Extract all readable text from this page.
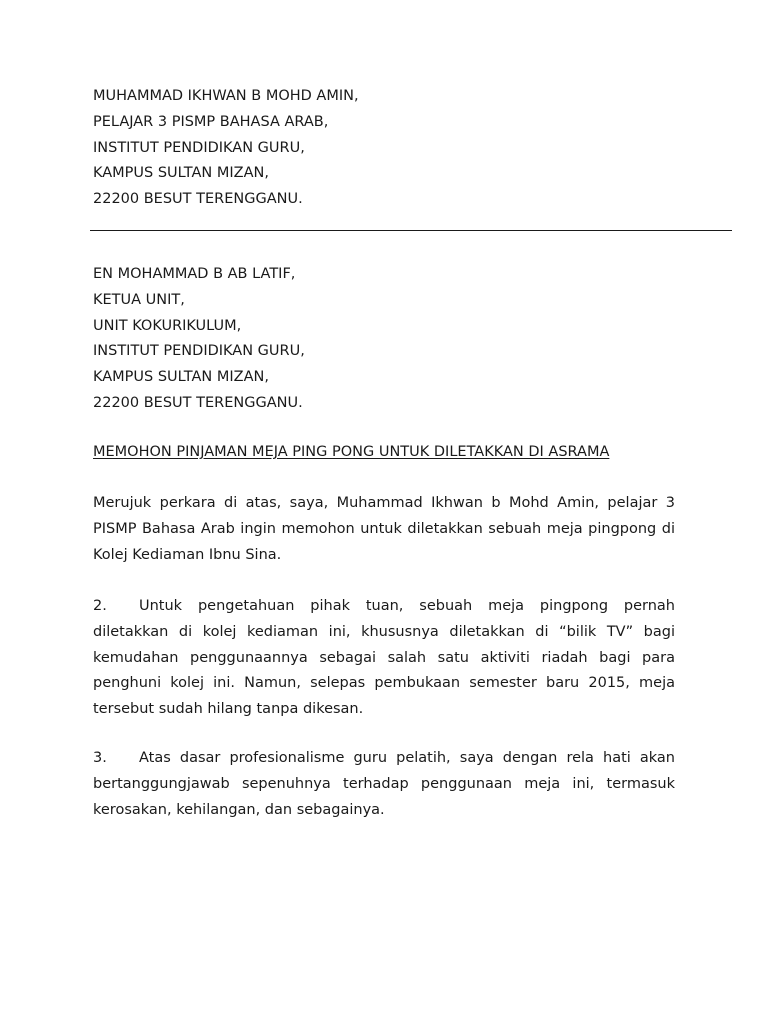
MUHAMMAD IKHWAN B MOHD AMIN,
PELAJAR 3 PISMP BAHASA ARAB,
INSTITUT PENDIDIKAN GURU,
KAMPUS SULTAN MIZAN,
22200 BESUT TERENGGANU.
EN MOHAMMAD B AB LATIF,
KETUA UNIT,
UNIT KOKURIKULUM,
INSTITUT PENDIDIKAN GURU,
KAMPUS SULTAN MIZAN,
22200 BESUT TERENGGANU.
MEMOHON PINJAMAN MEJA PING PONG UNTUK DILETAKKAN DI ASRAMA
Merujuk perkara di atas, saya, Muhammad Ikhwan b Mohd Amin, pelajar 3 PISMP Bahasa Arab ingin memohon untuk diletakkan sebuah meja pingpong di Kolej Kediaman Ibnu Sina.
2. Untuk pengetahuan pihak tuan, sebuah meja pingpong pernah diletakkan di kolej kediaman ini, khususnya diletakkan di “bilik TV” bagi kemudahan penggunaannya sebagai salah satu aktiviti riadah bagi para penghuni kolej ini. Namun, selepas pembukaan semester baru 2015, meja tersebut sudah hilang tanpa dikesan.
3. Atas dasar profesionalisme guru pelatih, saya dengan rela hati akan bertanggungjawab sepenuhnya terhadap penggunaan meja ini, termasuk kerosakan, kehilangan, dan sebagainya.
